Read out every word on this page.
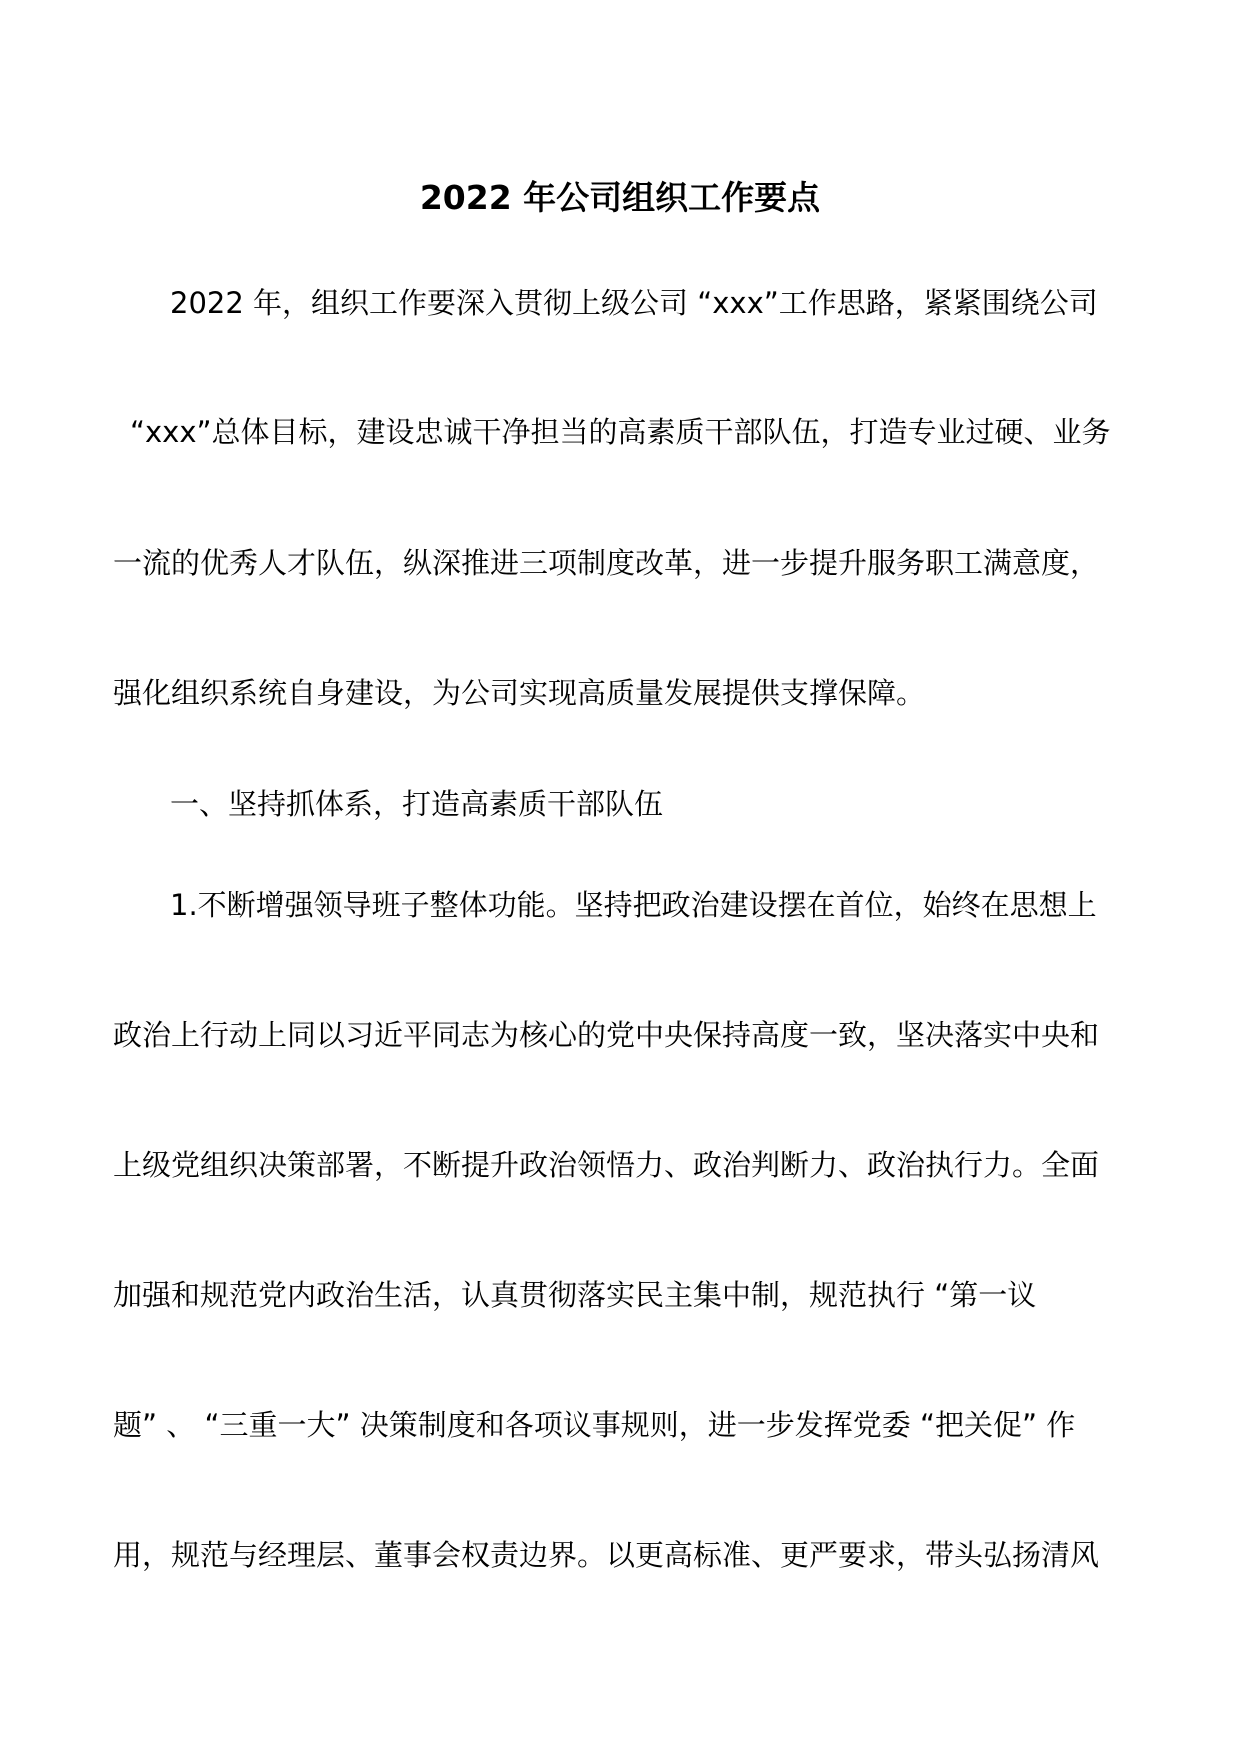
2022 年公司组织工作要点

2022 年，组织工作要深入贯彻上级公司 “xxx”工作思路，紧紧围绕公司

“xxx”总体目标，建设忠诚干净担当的高素质干部队伍，打造专业过硬、业务

一流的优秀人才队伍，纵深推进三项制度改革，进一步提升服务职工满意度，

强化组织系统自身建设，为公司实现高质量发展提供支撑保障。

一、坚持抓体系，打造高素质干部队伍

1.不断增强领导班子整体功能。坚持把政治建设摆在首位，始终在思想上

政治上行动上同以习近平同志为核心的党中央保持高度一致，坚决落实中央和

上级党组织决策部署，不断提升政治领悟力、政治判断力、政治执行力。全面

加强和规范党内政治生活，认真贯彻落实民主集中制，规范执行 “第一议

题” 、 “三重一大” 决策制度和各项议事规则，进一步发挥党委 “把关促” 作

用，规范与经理层、董事会权责边界。以更高标准、更严要求，带头弘扬清风
